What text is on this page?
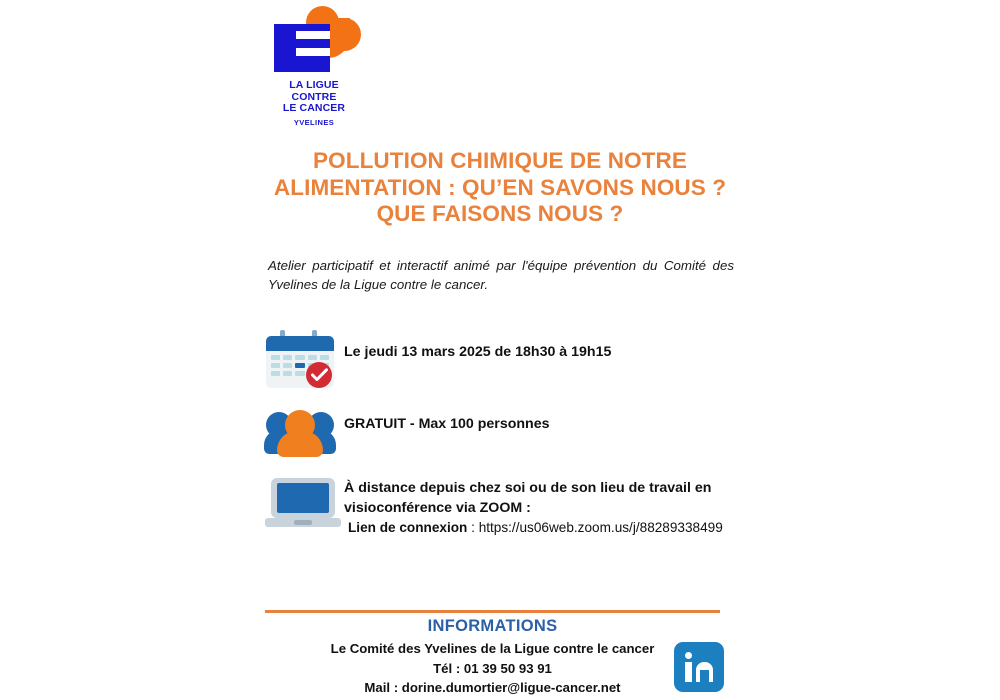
LA LIGUE
CONTRE
LE CANCER
YVELINES
POLLUTION CHIMIQUE DE NOTRE
ALIMENTATION : QU’EN SAVONS NOUS ?
QUE FAISONS NOUS ?
Atelier participatif et interactif animé par l'équipe prévention du Comité des Yvelines de la Ligue contre le cancer.
Le jeudi 13 mars 2025 de 18h30 à 19h15
GRATUIT - Max 100 personnes
À distance depuis chez soi ou de son lieu de travail en
visioconférence via ZOOM :
Lien de connexion : https://us06web.zoom.us/j/88289338499
INFORMATIONS
Le Comité des Yvelines de la Ligue contre le cancer
Tél : 01 39 50 93 91
Mail : dorine.dumortier@ligue-cancer.net
